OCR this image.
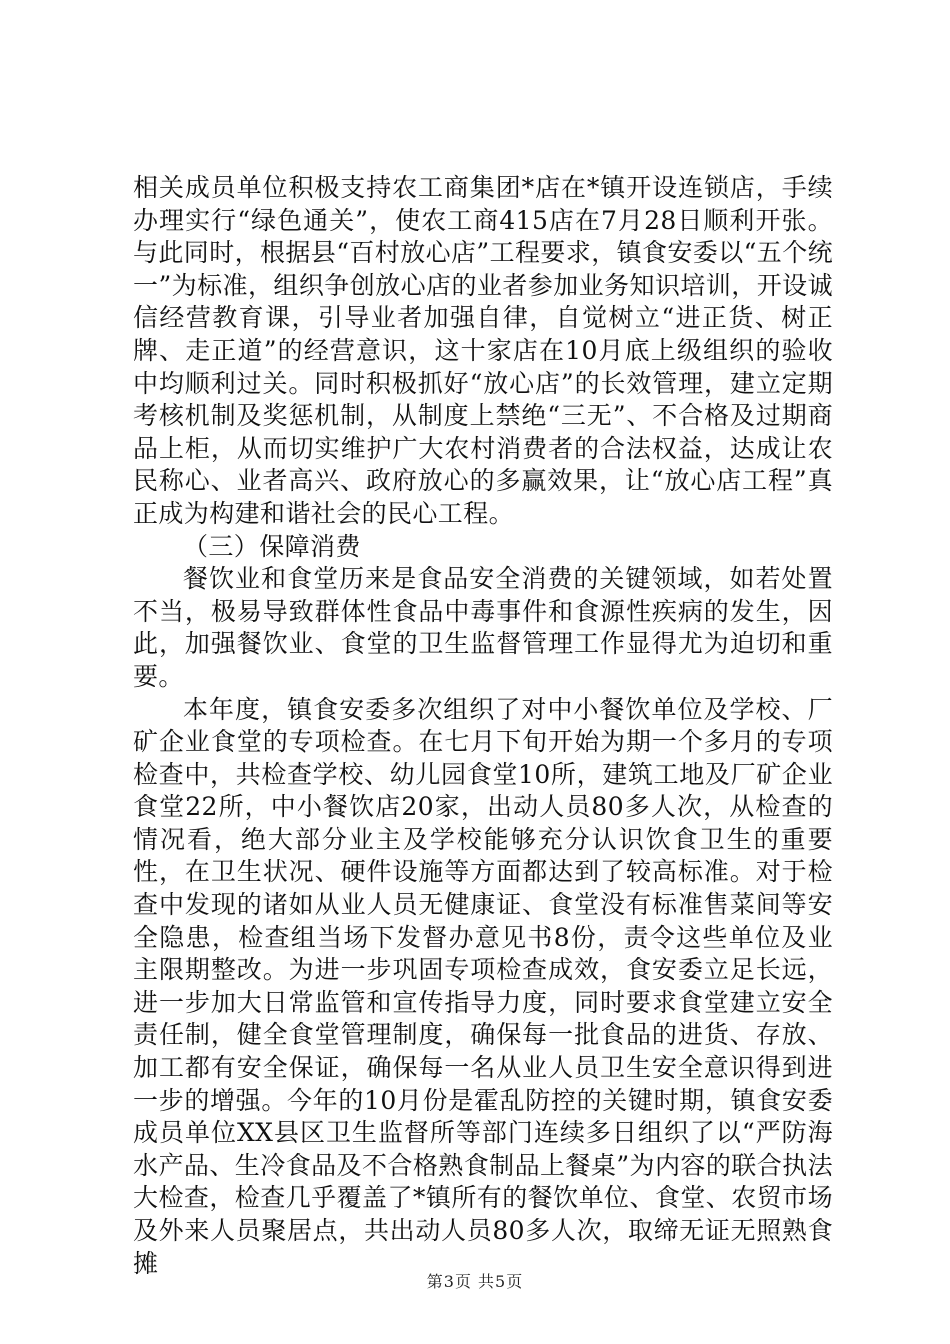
相关成员单位积极支持农工商集团*店在*镇开设连锁店，手续办理实行“绿色通关”，使农工商415店在7月28日顺利开张。与此同时，根据县“百村放心店”工程要求，镇食安委以“五个统一”为标准，组织争创放心店的业者参加业务知识培训，开设诚信经营教育课，引导业者加强自律，自觉树立“进正货、树正牌、走正道”的经营意识，这十家店在10月底上级组织的验收中均顺利过关。同时积极抓好“放心店”的长效管理，建立定期考核机制及奖惩机制，从制度上禁绝“三无”、不合格及过期商品上柜，从而切实维护广大农村消费者的合法权益，达成让农民称心、业者高兴、政府放心的多赢效果，让“放心店工程”真正成为构建和谐社会的民心工程。

（三）保障消费

餐饮业和食堂历来是食品安全消费的关键领域，如若处置不当，极易导致群体性食品中毒事件和食源性疾病的发生，因此，加强餐饮业、食堂的卫生监督管理工作显得尤为迫切和重要。

本年度，镇食安委多次组织了对中小餐饮单位及学校、厂矿企业食堂的专项检查。在七月下旬开始为期一个多月的专项检查中，共检查学校、幼儿园食堂10所，建筑工地及厂矿企业食堂22所，中小餐饮店20家，出动人员80多人次，从检查的情况看，绝大部分业主及学校能够充分认识饮食卫生的重要性，在卫生状况、硬件设施等方面都达到了较高标准。对于检查中发现的诸如从业人员无健康证、食堂没有标准售菜间等安全隐患，检查组当场下发督办意见书8份，责令这些单位及业主限期整改。为进一步巩固专项检查成效，食安委立足长远，进一步加大日常监管和宣传指导力度，同时要求食堂建立安全责任制，健全食堂管理制度，确保每一批食品的进货、存放、加工都有安全保证，确保每一名从业人员卫生安全意识得到进一步的增强。今年的10月份是霍乱防控的关键时期，镇食安委成员单位XX县区卫生监督所等部门连续多日组织了以“严防海水产品、生冷食品及不合格熟食制品上餐桌”为内容的联合执法大检查，检查几乎覆盖了*镇所有的餐饮单位、食堂、农贸市场及外来人员聚居点，共出动人员80多人次，取缔无证无照熟食摊

第3页 共5页
